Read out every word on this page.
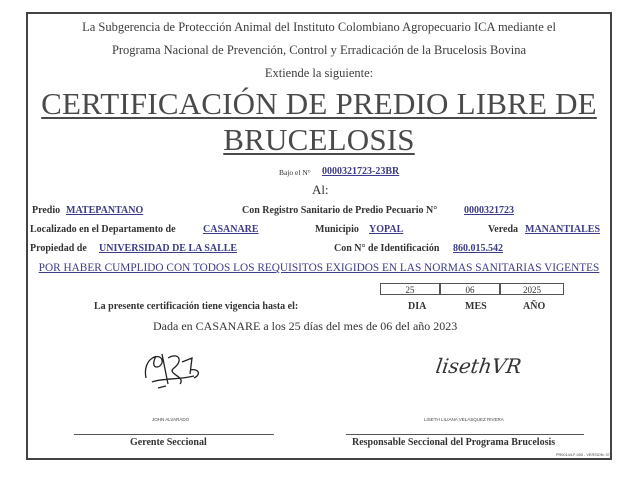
La Subgerencia de Protección Animal del Instituto Colombiano Agropecuario ICA mediante el
Programa Nacional de Prevención, Control y Erradicación de la Brucelosis Bovina
Extiende la siguiente:
CERTIFICACIÓN DE PREDIO LIBRE DE
BRUCELOSIS
Bajo el N° 0000321723-23BR
Al:
Predio MATEPANTANO	Con Registro Sanitario de Predio Pecuario N°	0000321723
Localizado en el Departamento de	CASANARE	Municipio YOPAL	Vereda MANANTIALES
Propiedad de UNIVERSIDAD DE LA SALLE	Con N° de Identificación 860.015.542
POR HABER CUMPLIDO CON TODOS LOS REQUISITOS EXIGIDOS EN LAS NORMAS SANITARIAS VIGENTES
La presente certificación tiene vigencia hasta el:
25	06	2025
DIA	MES	AÑO
Dada en CASANARE a los 25 días del mes de 06 del año 2023
lisethVR
JOHN ALVARADO	LISETH LILIANA VELASQUEZ RIVERA
Gerente Seccional	Responsable Seccional del Programa Brucelosis
PR00144-F-000 - VERSION: 07
